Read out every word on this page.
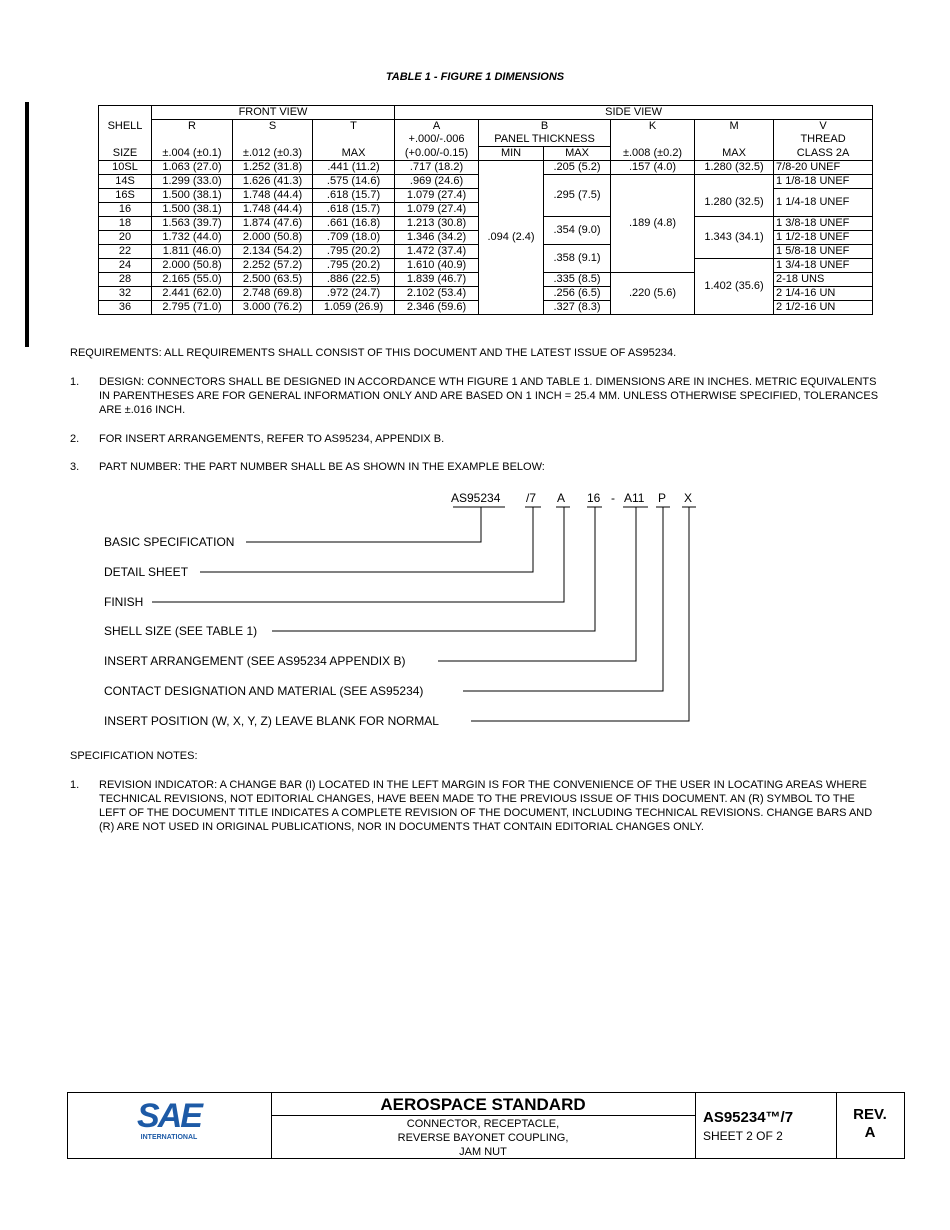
TABLE 1 - FIGURE 1 DIMENSIONS
	FRONT VIEW			SIDE VIEW					
SHELL	R	S	T	A	B		K	M	V
				+.000/-.006	PANEL THICKNESS				THREAD
SIZE	±.004 (±0.1)	±.012 (±0.3)	MAX	(+0.00/-0.15)	MIN	MAX	±.008 (±0.2)	MAX	CLASS 2A
10SL	1.063 (27.0)	1.252 (31.8)	.441 (11.2)	.717 (18.2)	.094 (2.4)	.205 (5.2)	.157 (4.0)	1.280 (32.5)	7/8-20 UNEF
14S	1.299 (33.0)	1.626 (41.3)	.575 (14.6)	.969 (24.6)		.295 (7.5)	.189 (4.8)		1 1/8-18 UNEF
16S	1.500 (38.1)	1.748 (44.4)	.618 (15.7)	1.079 (27.4)				1.280 (32.5)	1 1/4-18 UNEF
16	1.500 (38.1)	1.748 (44.4)	.618 (15.7)	1.079 (27.4)					
18	1.563 (39.7)	1.874 (47.6)	.661 (16.8)	1.213 (30.8)		.354 (9.0)		1.343 (34.1)	1 3/8-18 UNEF
20	1.732 (44.0)	2.000 (50.8)	.709 (18.0)	1.346 (34.2)					1 1/2-18 UNEF
22	1.811 (46.0)	2.134 (54.2)	.795 (20.2)	1.472 (37.4)		.358 (9.1)			1 5/8-18 UNEF
24	2.000 (50.8)	2.252 (57.2)	.795 (20.2)	1.610 (40.9)				1.402 (35.6)	1 3/4-18 UNEF
28	2.165 (55.0)	2.500 (63.5)	.886 (22.5)	1.839 (46.7)		.335 (8.5)	.220 (5.6)		2-18 UNS
32	2.441 (62.0)	2.748 (69.8)	.972 (24.7)	2.102 (53.4)		.256 (6.5)			2 1/4-16 UN
36	2.795 (71.0)	3.000 (76.2)	1.059 (26.9)	2.346 (59.6)		.327 (8.3)			2 1/2-16 UN
REQUIREMENTS: ALL REQUIREMENTS SHALL CONSIST OF THIS DOCUMENT AND THE LATEST ISSUE OF AS95234.
1. DESIGN: CONNECTORS SHALL BE DESIGNED IN ACCORDANCE WTH FIGURE 1 AND TABLE 1. DIMENSIONS ARE IN INCHES. METRIC EQUIVALENTS IN PARENTHESES ARE FOR GENERAL INFORMATION ONLY AND ARE BASED ON 1 INCH = 25.4 MM. UNLESS OTHERWISE SPECIFIED, TOLERANCES ARE ±.016 INCH.
2. FOR INSERT ARRANGEMENTS, REFER TO AS95234, APPENDIX B.
3. PART NUMBER: THE PART NUMBER SHALL BE AS SHOWN IN THE EXAMPLE BELOW:
AS95234 /7 A 16 - A11 P X
BASIC SPECIFICATION
DETAIL SHEET
FINISH
SHELL SIZE (SEE TABLE 1)
INSERT ARRANGEMENT (SEE AS95234 APPENDIX B)
CONTACT DESIGNATION AND MATERIAL (SEE AS95234)
INSERT POSITION (W, X, Y, Z) LEAVE BLANK FOR NORMAL
SPECIFICATION NOTES:
1. REVISION INDICATOR: A CHANGE BAR (I) LOCATED IN THE LEFT MARGIN IS FOR THE CONVENIENCE OF THE USER IN LOCATING AREAS WHERE TECHNICAL REVISIONS, NOT EDITORIAL CHANGES, HAVE BEEN MADE TO THE PREVIOUS ISSUE OF THIS DOCUMENT. AN (R) SYMBOL TO THE LEFT OF THE DOCUMENT TITLE INDICATES A COMPLETE REVISION OF THE DOCUMENT, INCLUDING TECHNICAL REVISIONS. CHANGE BARS AND (R) ARE NOT USED IN ORIGINAL PUBLICATIONS, NOR IN DOCUMENTS THAT CONTAIN EDITORIAL CHANGES ONLY.
SAE
INTERNATIONAL
AEROSPACE STANDARD
CONNECTOR, RECEPTACLE,
REVERSE BAYONET COUPLING,
JAM NUT
AS95234™/7
SHEET 2 OF 2
REV.
A
